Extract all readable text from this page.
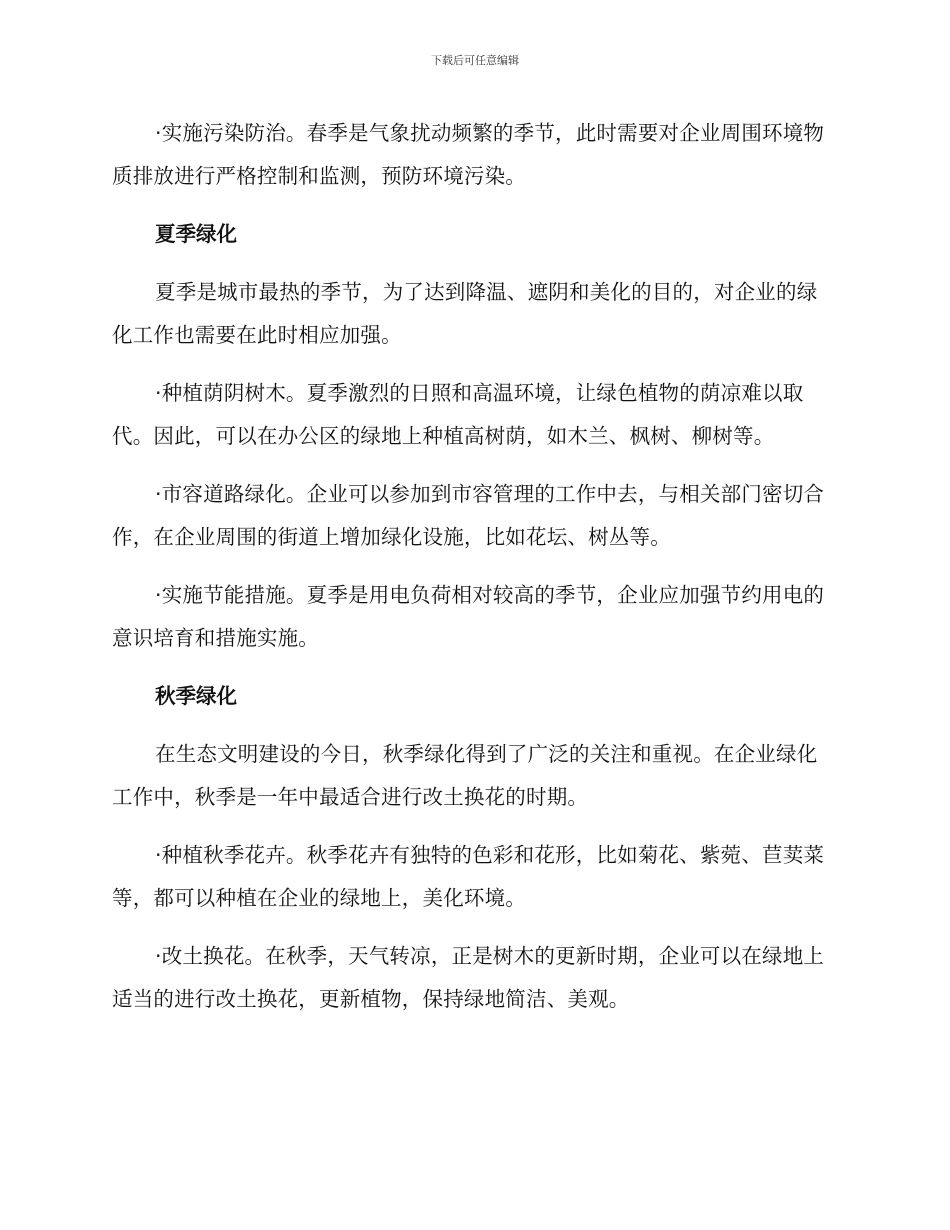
下载后可任意编辑

·实施污染防治。春季是气象扰动频繁的季节，此时需要对企业周围环境物质排放进行严格控制和监测，预防环境污染。

夏季绿化

夏季是城市最热的季节，为了达到降温、遮阴和美化的目的，对企业的绿化工作也需要在此时相应加强。

·种植荫阴树木。夏季激烈的日照和高温环境，让绿色植物的荫凉难以取代。因此，可以在办公区的绿地上种植高树荫，如木兰、枫树、柳树等。

·市容道路绿化。企业可以参加到市容管理的工作中去，与相关部门密切合作，在企业周围的街道上增加绿化设施，比如花坛、树丛等。

·实施节能措施。夏季是用电负荷相对较高的季节，企业应加强节约用电的意识培育和措施实施。

秋季绿化

在生态文明建设的今日，秋季绿化得到了广泛的关注和重视。在企业绿化工作中，秋季是一年中最适合进行改土换花的时期。

·种植秋季花卉。秋季花卉有独特的色彩和花形，比如菊花、紫菀、苣荬菜等，都可以种植在企业的绿地上，美化环境。

·改土换花。在秋季，天气转凉，正是树木的更新时期，企业可以在绿地上适当的进行改土换花，更新植物，保持绿地简洁、美观。
